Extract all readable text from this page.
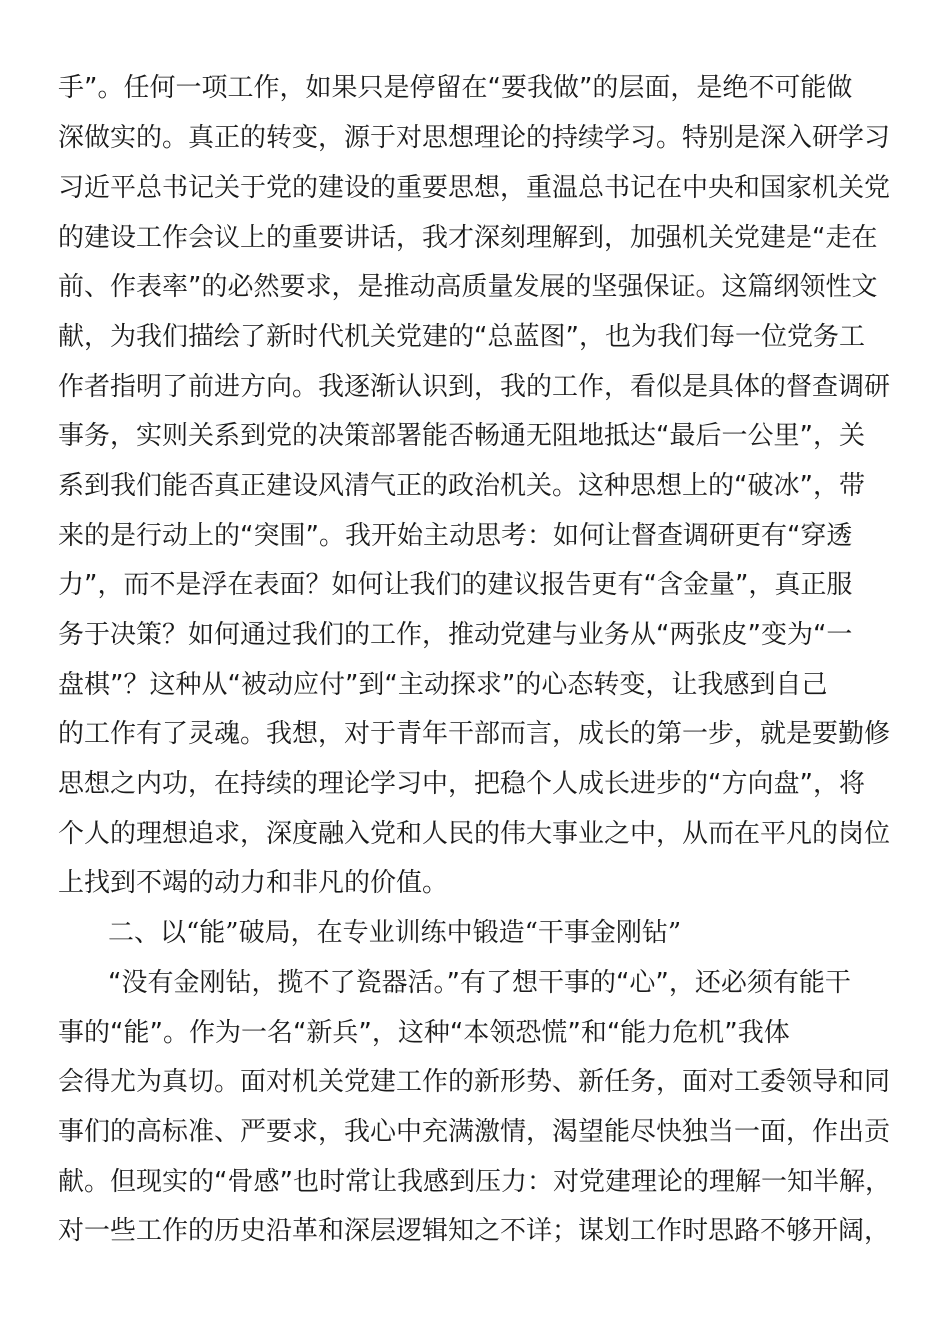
手”。任何一项工作，如果只是停留在“要我做”的层面，是绝不可能做
深做实的。真正的转变，源于对思想理论的持续学习。特别是深入研学习
习近平总书记关于党的建设的重要思想，重温总书记在中央和国家机关党
的建设工作会议上的重要讲话，我才深刻理解到，加强机关党建是“走在
前、作表率”的必然要求，是推动高质量发展的坚强保证。这篇纲领性文
献，为我们描绘了新时代机关党建的“总蓝图”，也为我们每一位党务工
作者指明了前进方向。我逐渐认识到，我的工作，看似是具体的督查调研
事务，实则关系到党的决策部署能否畅通无阻地抵达“最后一公里”，关
系到我们能否真正建设风清气正的政治机关。这种思想上的“破冰”，带
来的是行动上的“突围”。我开始主动思考：如何让督查调研更有“穿透
力”，而不是浮在表面？如何让我们的建议报告更有“含金量”，真正服
务于决策？如何通过我们的工作，推动党建与业务从“两张皮”变为“一
盘棋”？这种从“被动应付”到“主动探求”的心态转变，让我感到自己
的工作有了灵魂。我想，对于青年干部而言，成长的第一步，就是要勤修
思想之内功，在持续的理论学习中，把稳个人成长进步的“方向盘”，将
个人的理想追求，深度融入党和人民的伟大事业之中，从而在平凡的岗位
上找到不竭的动力和非凡的价值。
二、以“能”破局，在专业训练中锻造“干事金刚钻”
“没有金刚钻，揽不了瓷器活。”有了想干事的“心”，还必须有能干
事的“能”。作为一名“新兵”，这种“本领恐慌”和“能力危机”我体
会得尤为真切。面对机关党建工作的新形势、新任务，面对工委领导和同
事们的高标准、严要求，我心中充满激情，渴望能尽快独当一面，作出贡
献。但现实的“骨感”也时常让我感到压力：对党建理论的理解一知半解，
对一些工作的历史沿革和深层逻辑知之不详；谋划工作时思路不够开阔，
